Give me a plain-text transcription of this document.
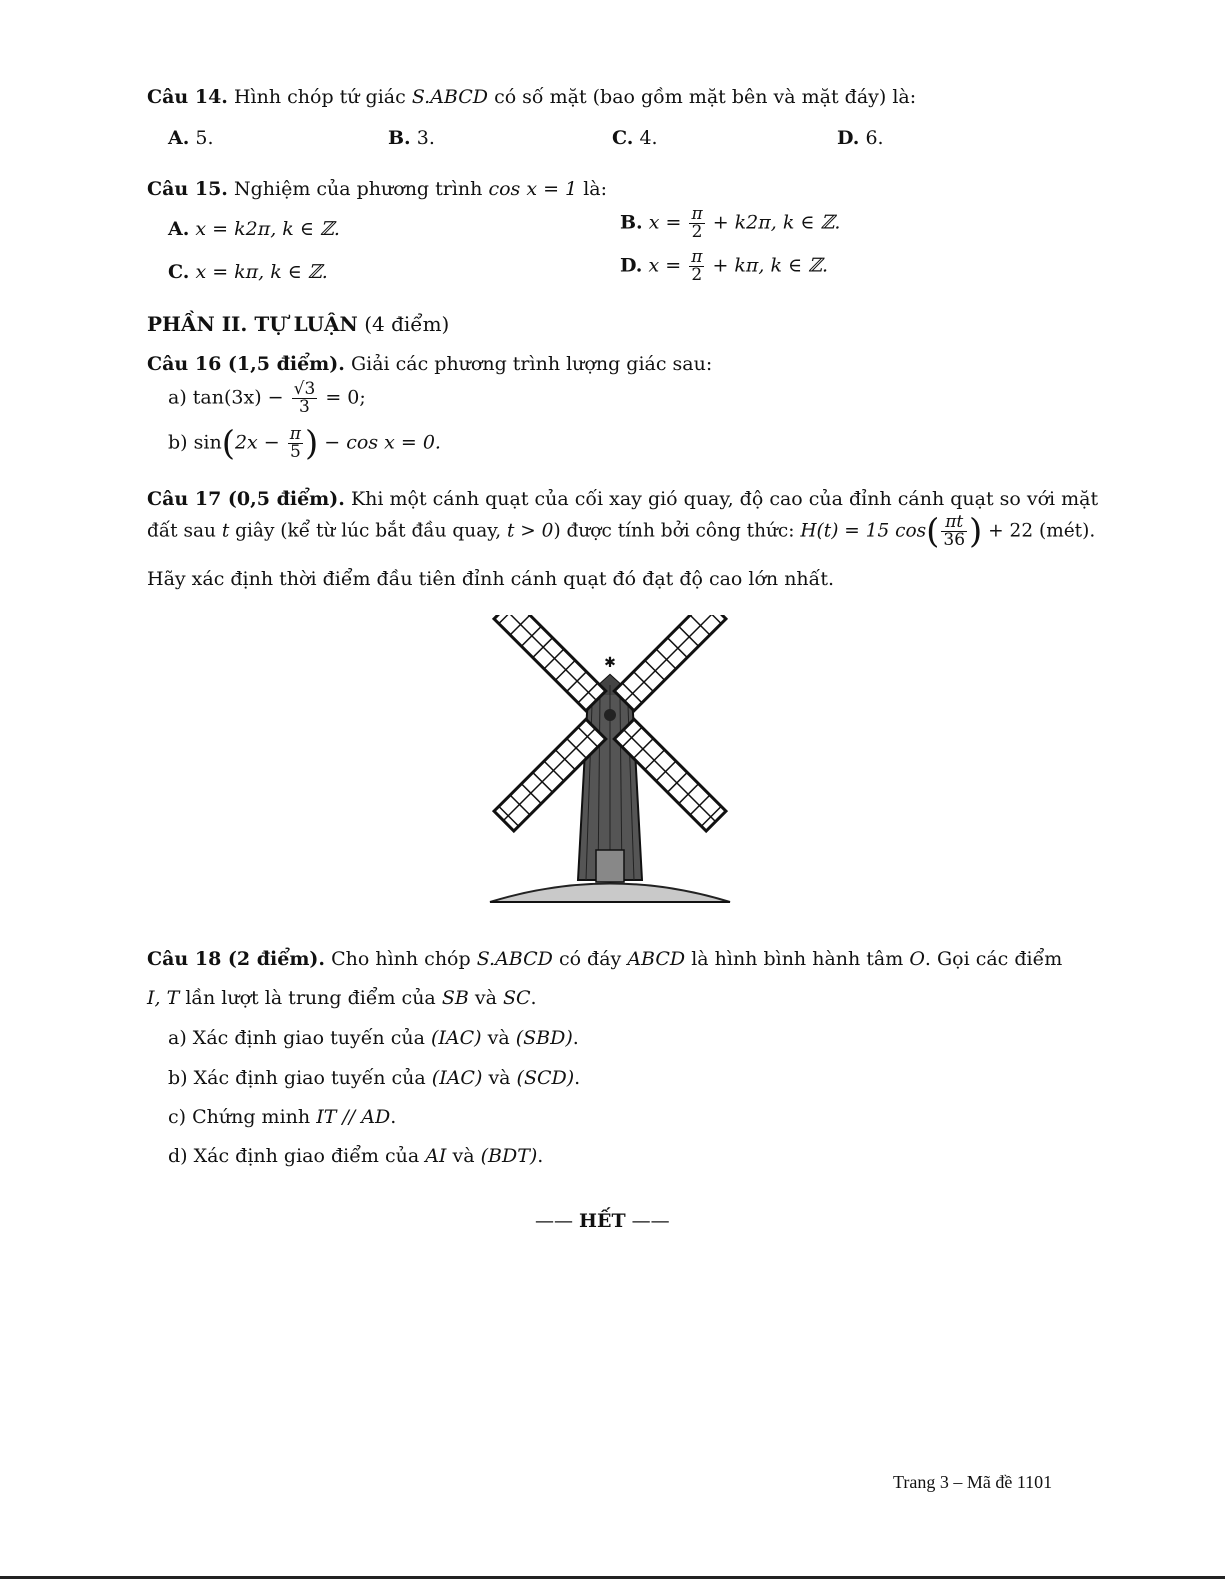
Câu 14. Hình chóp tứ giác S.ABCD có số mặt (bao gồm mặt bên và mặt đáy) là:
A. 5.	B. 3.	C. 4.	D. 6.
Câu 15. Nghiệm của phương trình cos x = 1 là:
A. x = k2π, k ∈ ℤ.	B. $x = \frac{\pi}{2} + k2\pi$, k ∈ ℤ.
C. x = kπ, k ∈ ℤ.	D. $x = \frac{\pi}{2} + k\pi$, k ∈ ℤ.
PHẦN II. TỰ LUẬN (4 điểm)
Câu 16 (1,5 điểm). Giải các phương trình lượng giác sau:
a) $\tan(3x) - \frac{√3}{3} = 0$;
b) $\sin(2x - \frac{\pi}{5}$ ) − cos x = 0.
Câu 17 (0,5 điểm). Khi một cánh quạt của cối xay gió quay, độ cao của đỉnh cánh quạt so với mặt
đất sau t giây (kể từ lúc bắt đầu quay, t > 0) được tính bởi công thức: H(t) = 15 $\cos( \frac{\pi t}{36}$ ) + 22 (mét).
Hãy xác định thời điểm đầu tiên đỉnh cánh quạt đó đạt độ cao lớn nhất.
✱
Câu 18 (2 điểm). Cho hình chóp S.ABCD có đáy ABCD là hình bình hành tâm O. Gọi các điểm
I, T lần lượt là trung điểm của SB và SC.
a) Xác định giao tuyến của (IAC) và (SBD).
b) Xác định giao tuyến của (IAC) và (SCD).
c) Chứng minh IT // AD.
d) Xác định giao điểm của AI và (BDT).
—— HẾT ——
Trang 3 – Mã đề 1101
